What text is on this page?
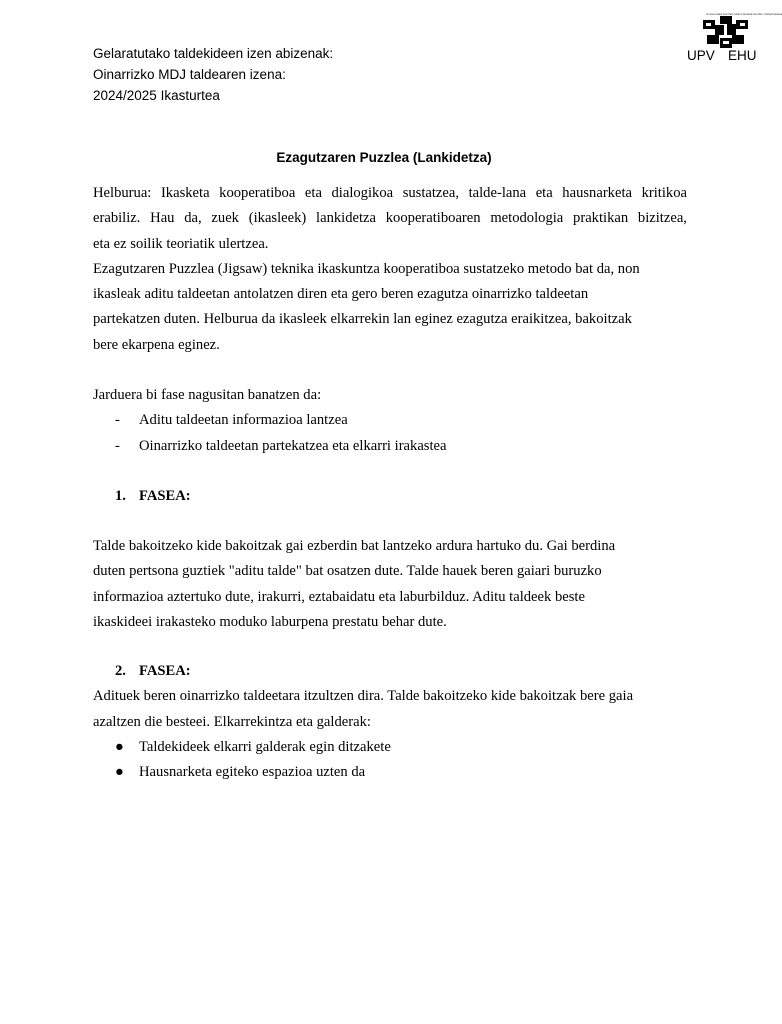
Gelaratutako taldekideen izen abizenak:
Oinarrizko MDJ taldearen izena:
2024/2025 Ikasturtea
Universidad del País Vasco Euskal Herriko Unibertsitatea
UPV EHU
Ezagutzaren Puzzlea (Lankidetza)
Helburua: Ikasketa kooperatiboa eta dialogikoa sustatzea, talde-lana eta hausnarketa kritikoa
erabiliz. Hau da, zuek (ikasleek) lankidetza kooperatiboaren metodologia praktikan bizitzea,

eta ez soilik teoriatik ulertzea.

Ezagutzaren Puzzlea (Jigsaw) teknika ikaskuntza kooperatiboa sustatzeko metodo bat da, non

ikasleak aditu taldeetan antolatzen diren eta gero beren ezagutza oinarrizko taldeetan

partekatzen duten. Helburua da ikasleek elkarrekin lan eginez ezagutza eraikitzea, bakoitzak

bere ekarpena eginez.

Jarduera bi fase nagusitan banatzen da:

- Aditu taldeetan informazioa lantzea
- Oinarrizko taldeetan partekatzea eta elkarri irakastea
1. FASEA:

Talde bakoitzeko kide bakoitzak gai ezberdin bat lantzeko ardura hartuko du. Gai berdina

duten pertsona guztiek "aditu talde" bat osatzen dute. Talde hauek beren gaiari buruzko

informazioa aztertuko dute, irakurri, eztabaidatu eta laburbilduz. Aditu taldeek beste

ikaskideei irakasteko moduko laburpena prestatu behar dute.

2. FASEA:

Adituek beren oinarrizko taldeetara itzultzen dira. Talde bakoitzeko kide bakoitzak bere gaia

azaltzen die besteei. Elkarrekintza eta galderak:

● Taldekideek elkarri galderak egin ditzakete
● Hausnarketa egiteko espazioa uzten da
